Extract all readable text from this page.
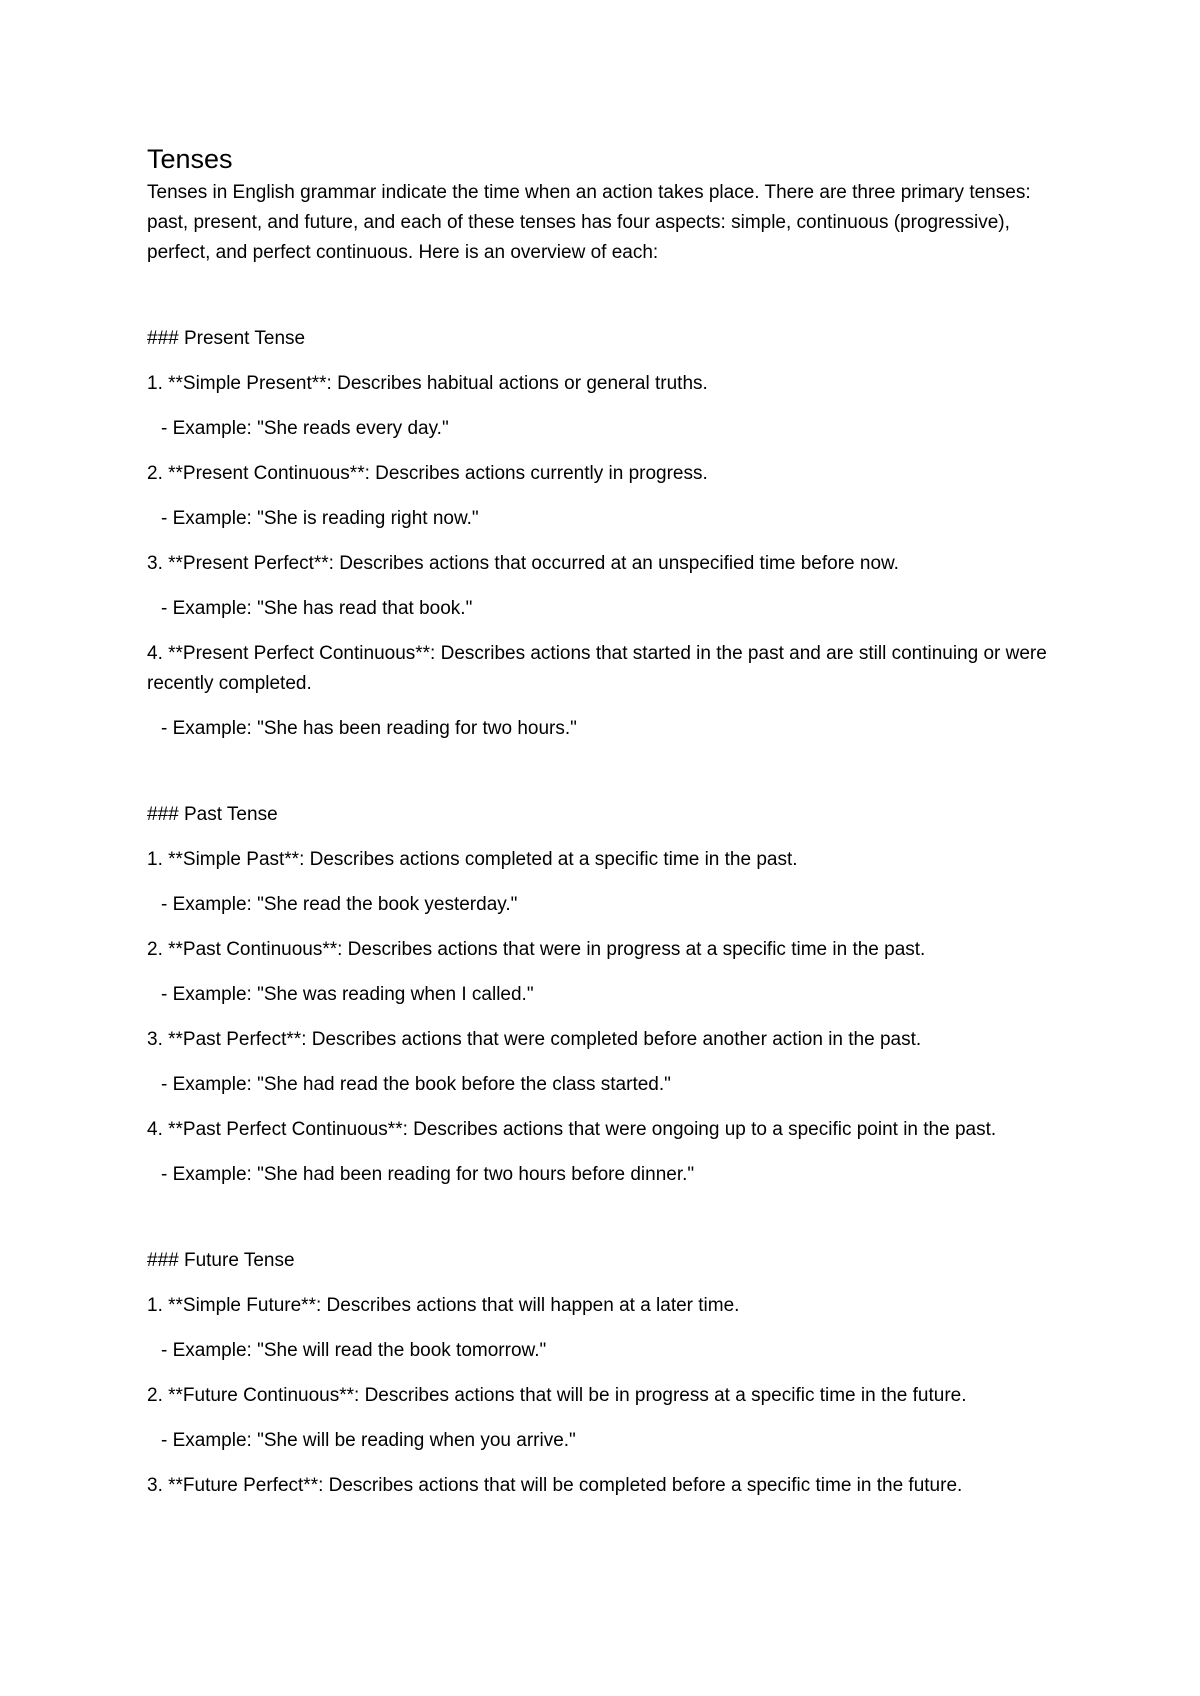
Tenses

Tenses in English grammar indicate the time when an action takes place. There are three primary tenses: past, present, and future, and each of these tenses has four aspects: simple, continuous (progressive), perfect, and perfect continuous. Here is an overview of each:

### Present Tense

1. **Simple Present**: Describes habitual actions or general truths.

- Example: "She reads every day."

2. **Present Continuous**: Describes actions currently in progress.

- Example: "She is reading right now."

3. **Present Perfect**: Describes actions that occurred at an unspecified time before now.

- Example: "She has read that book."

4. **Present Perfect Continuous**: Describes actions that started in the past and are still continuing or were recently completed.

- Example: "She has been reading for two hours."

### Past Tense

1. **Simple Past**: Describes actions completed at a specific time in the past.

- Example: "She read the book yesterday."

2. **Past Continuous**: Describes actions that were in progress at a specific time in the past.

- Example: "She was reading when I called."

3. **Past Perfect**: Describes actions that were completed before another action in the past.

- Example: "She had read the book before the class started."

4. **Past Perfect Continuous**: Describes actions that were ongoing up to a specific point in the past.

- Example: "She had been reading for two hours before dinner."

### Future Tense

1. **Simple Future**: Describes actions that will happen at a later time.

- Example: "She will read the book tomorrow."

2. **Future Continuous**: Describes actions that will be in progress at a specific time in the future.

- Example: "She will be reading when you arrive."

3. **Future Perfect**: Describes actions that will be completed before a specific time in the future.
